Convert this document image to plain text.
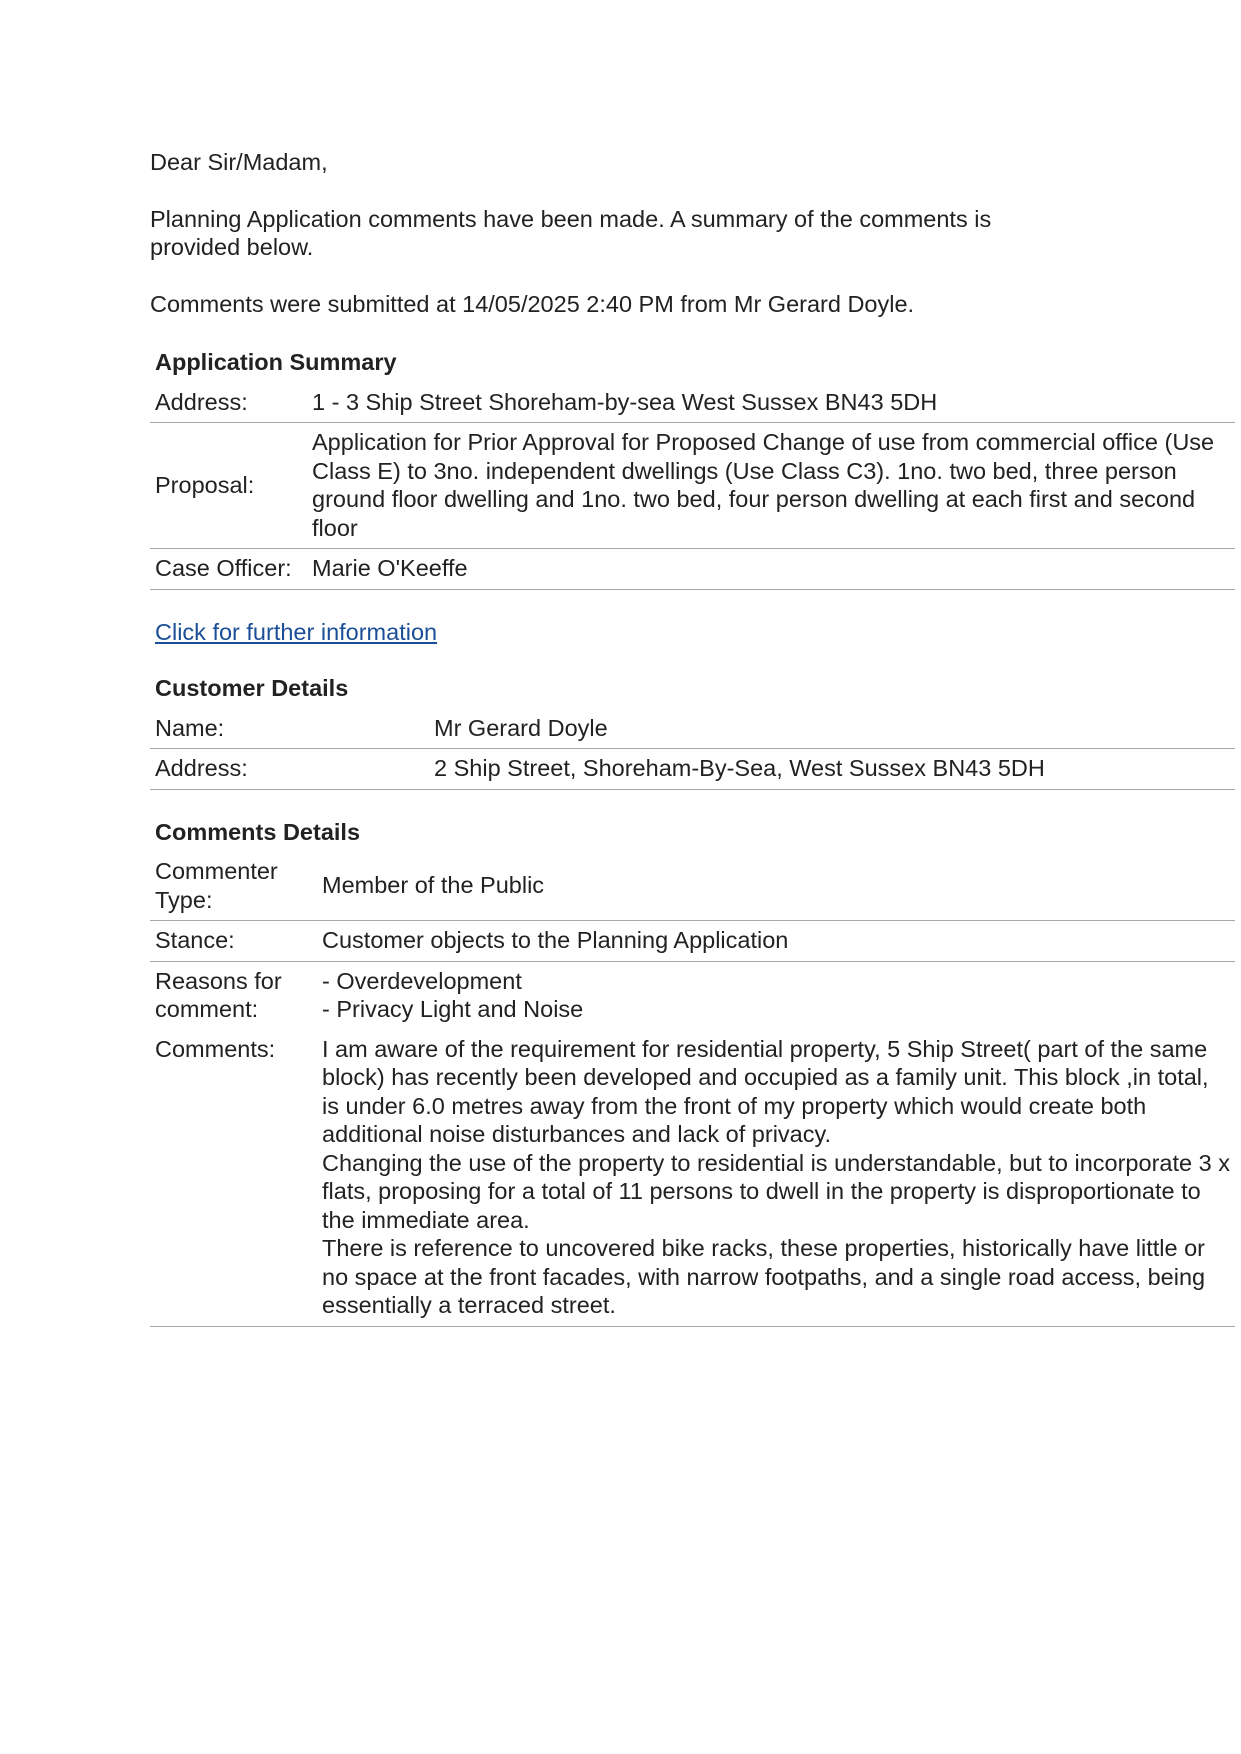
Dear Sir/Madam,

Planning Application comments have been made. A summary of the comments is provided below.

Comments were submitted at 14/05/2025 2:40 PM from Mr Gerard Doyle.

Application Summary
Address:	1 - 3 Ship Street Shoreham-by-sea West Sussex BN43 5DH
Proposal:	Application for Prior Approval for Proposed Change of use from commercial office (Use Class E) to 3no. independent dwellings (Use Class C3). 1no. two bed, three person ground floor dwelling and 1no. two bed, four person dwelling at each first and second floor
Case Officer:	Marie O'Keeffe
Click for further information
Customer Details
Name:	Mr Gerard Doyle
Address:	2 Ship Street, Shoreham-By-Sea, West Sussex BN43 5DH
Comments Details
Commenter Type:	Member of the Public
Stance:	Customer objects to the Planning Application
Reasons for comment:	- Overdevelopment
- Privacy Light and Noise

Comments:	I am aware of the requirement for residential property, 5 Ship Street( part of the same block) has recently been developed and occupied as a family unit. This block ,in total, is under 6.0 metres away from the front of my property which would create both additional noise disturbances and lack of privacy.
Changing the use of the property to residential is understandable, but to incorporate 3 x flats, proposing for a total of 11 persons to dwell in the property is disproportionate to the immediate area.
There is reference to uncovered bike racks, these properties, historically have little or no space at the front facades, with narrow footpaths, and a single road access, being essentially a terraced street.
